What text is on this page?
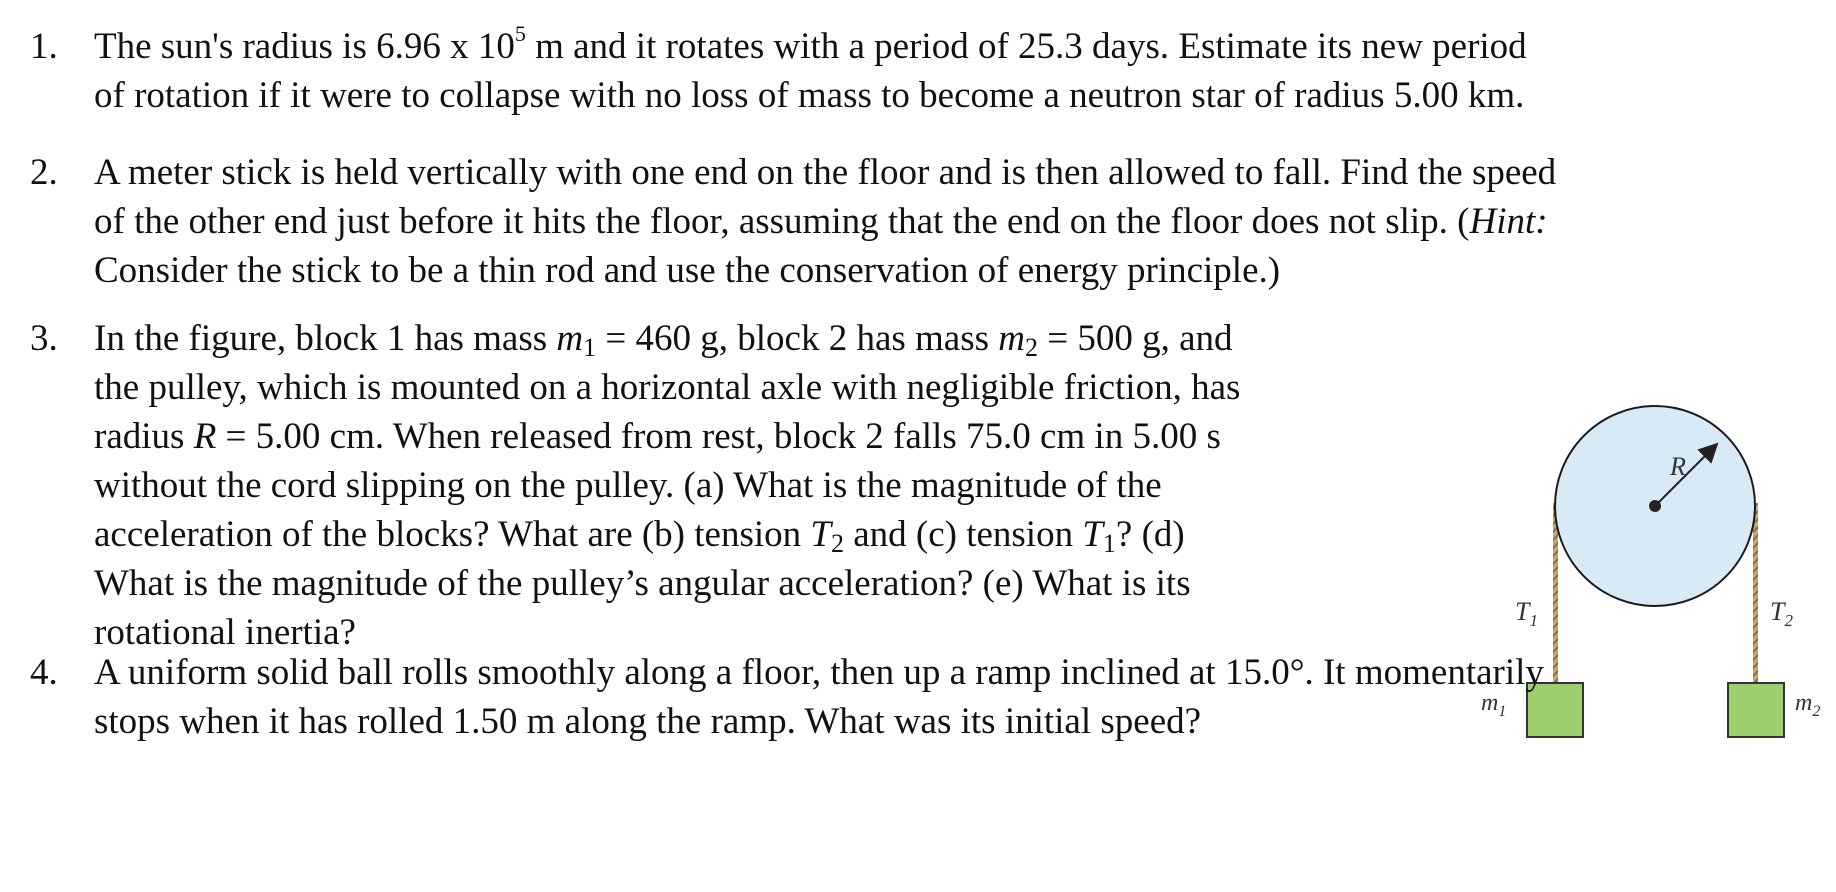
1. The sun's radius is 6.96 x $10^5$ m and it rotates with a period of 25.3 days. Estimate its new period
of rotation if it were to collapse with no loss of mass to become a neutron star of radius 5.00 km.
2. A meter stick is held vertically with one end on the floor and is then allowed to fall. Find the speed
of the other end just before it hits the floor, assuming that the end on the floor does not slip. (Hint:
Consider the stick to be a thin rod and use the conservation of energy principle.)
3. In the figure, block 1 has mass $m_1 = 460$ g, block 2 has mass $m_2 = 500$ g, and
the pulley, which is mounted on a horizontal axle with negligible friction, has
radius R = 5.00 cm. When released from rest, block 2 falls 75.0 cm in 5.00 s
without the cord slipping on the pulley. (a) What is the magnitude of the
acceleration of the blocks? What are (b) tension $T_2$ and (c) tension $T_1$? (d)
What is the magnitude of the pulley’s angular acceleration? (e) What is its
rotational inertia?
R
$T_1$	$T_2$
$m_1$	$m_2$
4. A uniform solid ball rolls smoothly along a floor, then up a ramp inclined at 15.0°. It momentarily
stops when it has rolled 1.50 m along the ramp. What was its initial speed?
